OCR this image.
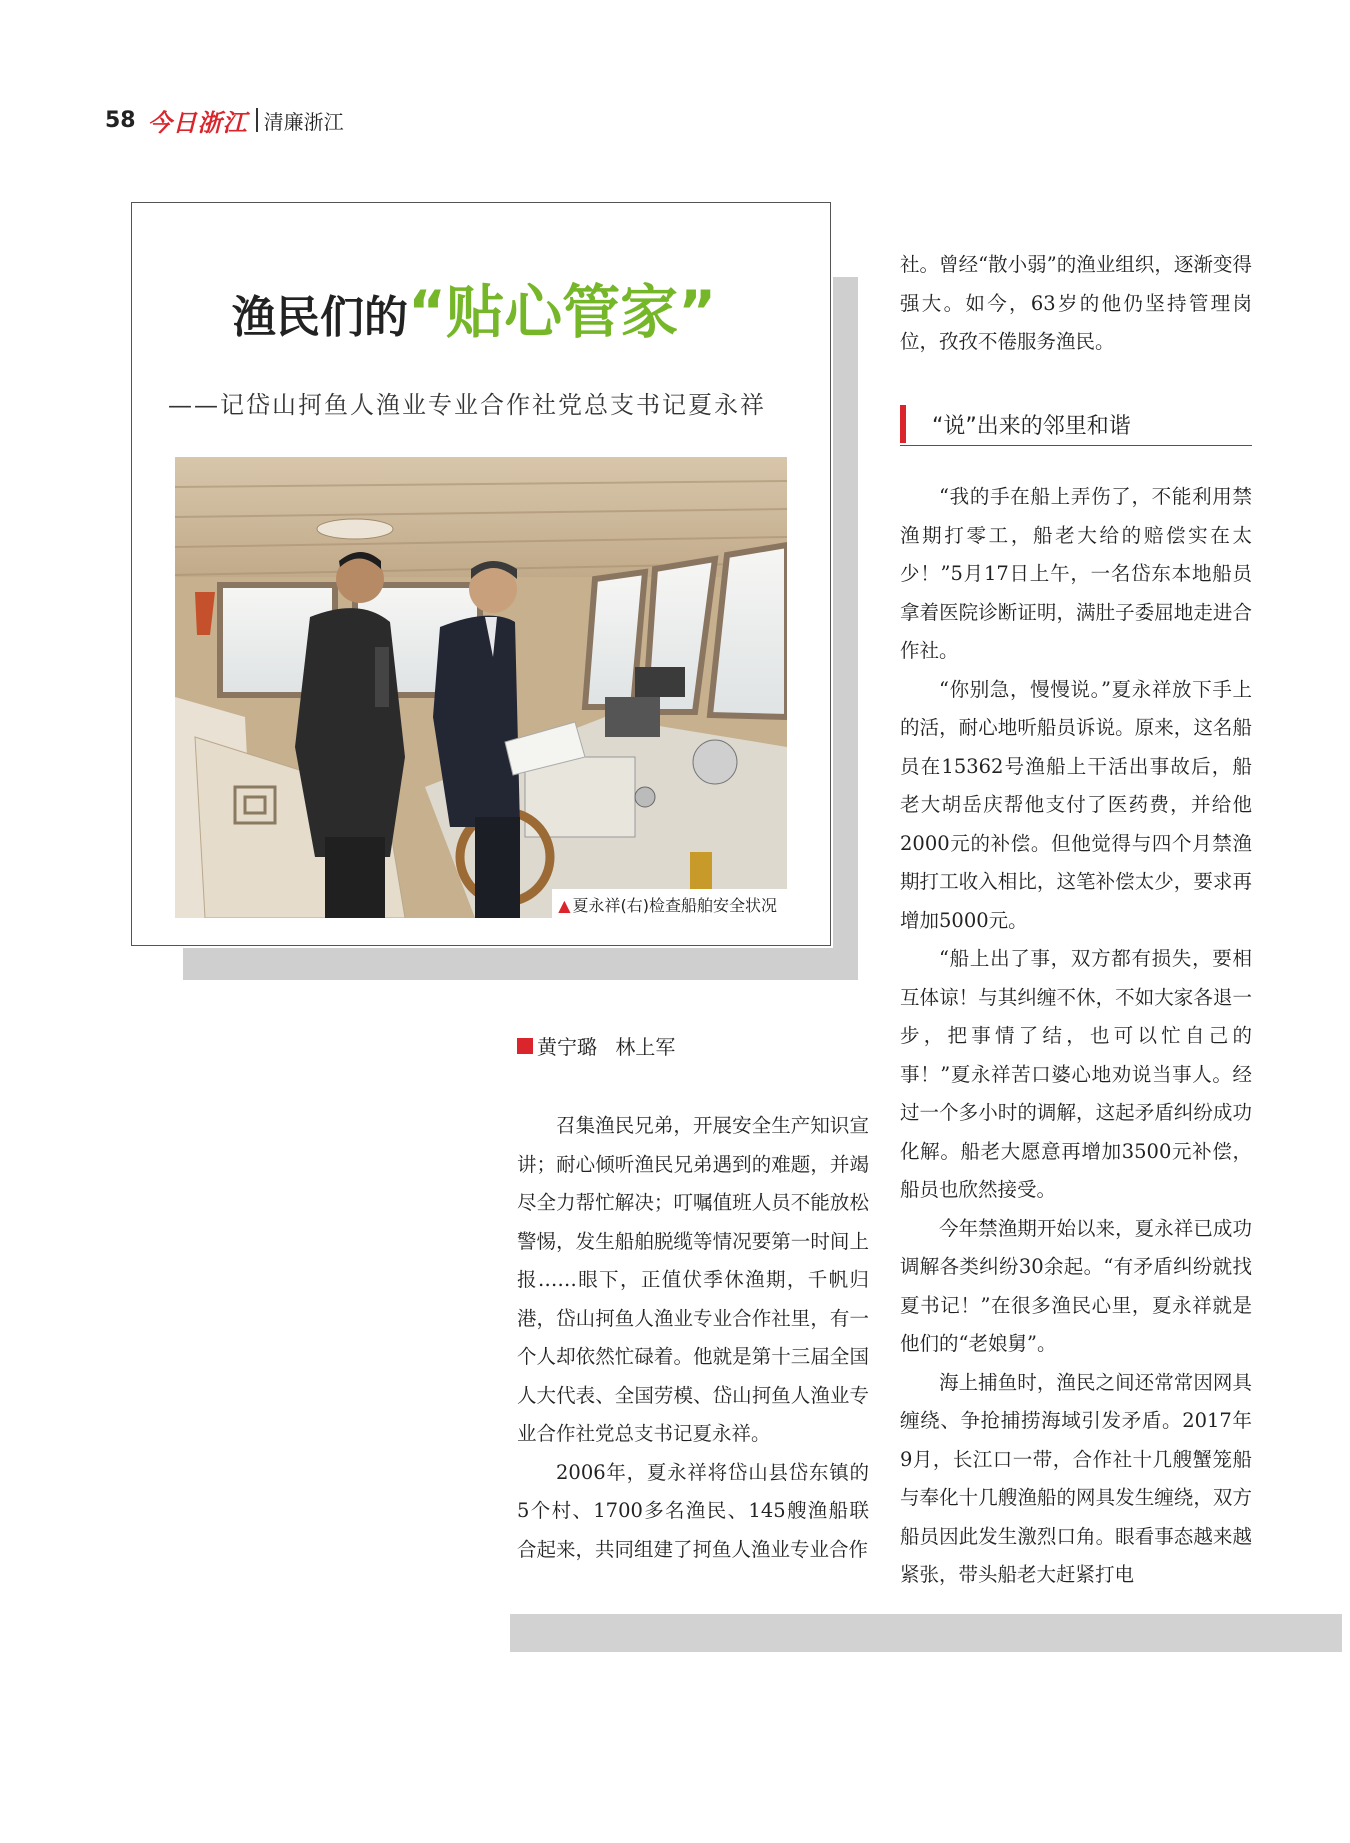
58 今日浙江 清廉浙江
渔民们的“贴心管家”
——记岱山抲鱼人渔业专业合作社党总支书记夏永祥
▲ 夏永祥(右)检查船舶安全状况
黄宁璐 林上军

召集渔民兄弟，开展安全生产知识宣讲；耐心倾听渔民兄弟遇到的难题，并竭尽全力帮忙解决；叮嘱值班人员不能放松警惕，发生船舶脱缆等情况要第一时间上报……眼下，正值伏季休渔期，千帆归港，岱山抲鱼人渔业专业合作社里，有一个人却依然忙碌着。他就是第十三届全国人大代表、全国劳模、岱山抲鱼人渔业专业合作社党总支书记夏永祥。

2006年，夏永祥将岱山县岱东镇的5个村、1700多名渔民、145艘渔船联合起来，共同组建了抲鱼人渔业专业合作

社。曾经“散小弱”的渔业组织，逐渐变得强大。如今，63岁的他仍坚持管理岗位，孜孜不倦服务渔民。

“说”出来的邻里和谐

“我的手在船上弄伤了，不能利用禁渔期打零工，船老大给的赔偿实在太少！”5月17日上午，一名岱东本地船员拿着医院诊断证明，满肚子委屈地走进合作社。

“你别急，慢慢说。”夏永祥放下手上的活，耐心地听船员诉说。原来，这名船员在15362号渔船上干活出事故后，船老大胡岳庆帮他支付了医药费，并给他2000元的补偿。但他觉得与四个月禁渔期打工收入相比，这笔补偿太少，要求再增加5000元。

“船上出了事，双方都有损失，要相互体谅！与其纠缠不休，不如大家各退一步，把事情了结，也可以忙自己的事！”夏永祥苦口婆心地劝说当事人。经过一个多小时的调解，这起矛盾纠纷成功化解。船老大愿意再增加3500元补偿，船员也欣然接受。

今年禁渔期开始以来，夏永祥已成功调解各类纠纷30余起。“有矛盾纠纷就找夏书记！”在很多渔民心里，夏永祥就是他们的“老娘舅”。

海上捕鱼时，渔民之间还常常因网具缠绕、争抢捕捞海域引发矛盾。2017年9月，长江口一带，合作社十几艘蟹笼船与奉化十几艘渔船的网具发生缠绕，双方船员因此发生激烈口角。眼看事态越来越紧张，带头船老大赶紧打电
